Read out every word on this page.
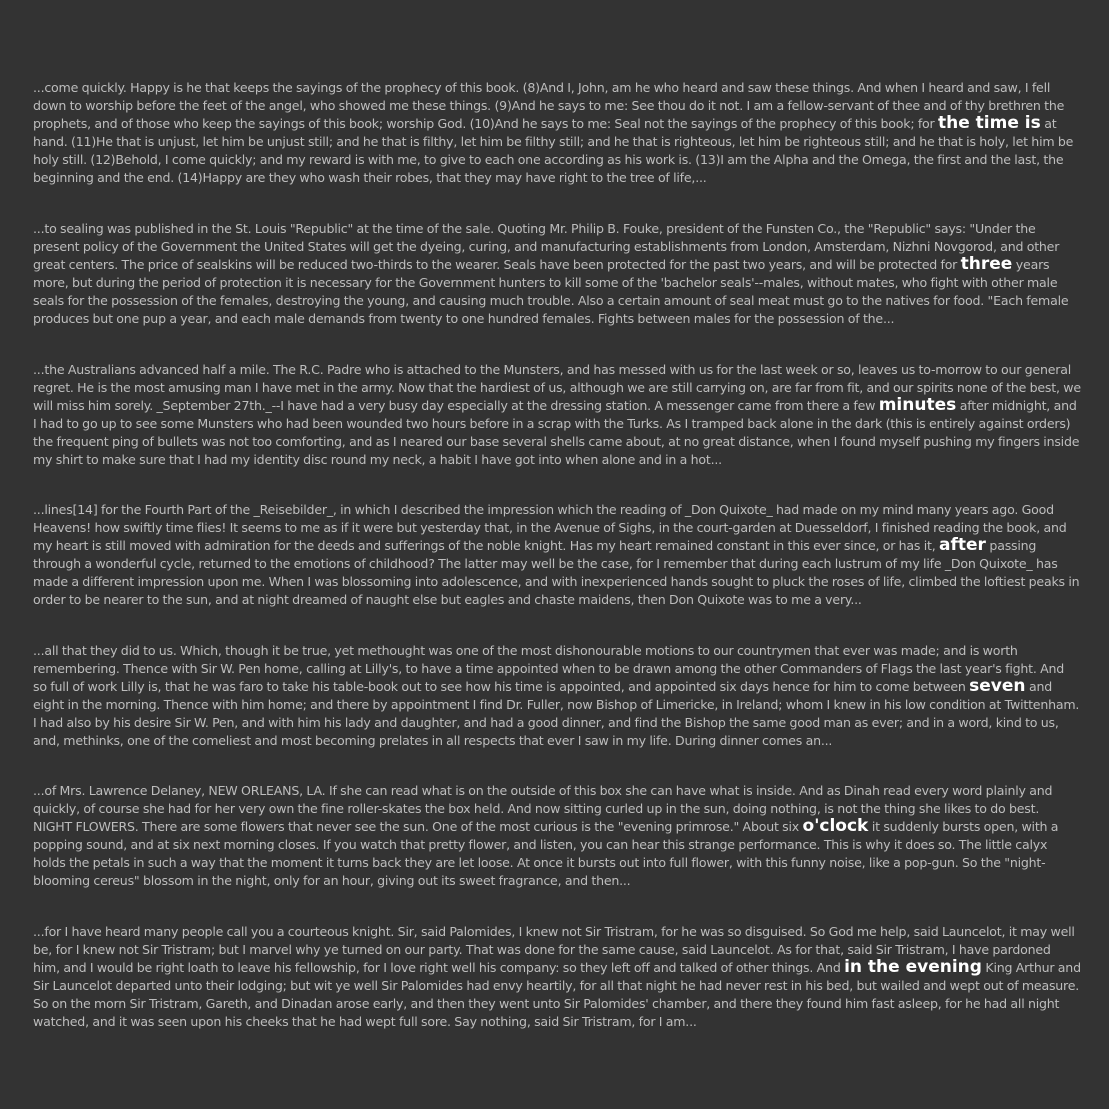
...come quickly. Happy is he that keeps the sayings of the prophecy of this book. (8)And I, John, am he who heard and saw these things. And when I heard and saw, I fell down to worship before the feet of the angel, who showed me these things. (9)And he says to me: See thou do it not. I am a fellow-servant of thee and of thy brethren the prophets, and of those who keep the sayings of this book; worship God. (10)And he says to me: Seal not the sayings of the prophecy of this book; for the time is at hand. (11)He that is unjust, let him be unjust still; and he that is filthy, let him be filthy still; and he that is righteous, let him be righteous still; and he that is holy, let him be holy still. (12)Behold, I come quickly; and my reward is with me, to give to each one according as his work is. (13)I am the Alpha and the Omega, the first and the last, the beginning and the end. (14)Happy are they who wash their robes, that they may have right to the tree of life,...

...to sealing was published in the St. Louis "Republic" at the time of the sale. Quoting Mr. Philip B. Fouke, president of the Funsten Co., the "Republic" says: "Under the present policy of the Government the United States will get the dyeing, curing, and manufacturing establishments from London, Amsterdam, Nizhni Novgorod, and other great centers. The price of sealskins will be reduced two-thirds to the wearer. Seals have been protected for the past two years, and will be protected for three years more, but during the period of protection it is necessary for the Government hunters to kill some of the 'bachelor seals'--males, without mates, who fight with other male seals for the possession of the females, destroying the young, and causing much trouble. Also a certain amount of seal meat must go to the natives for food. "Each female produces but one pup a year, and each male demands from twenty to one hundred females. Fights between males for the possession of the...

...the Australians advanced half a mile. The R.C. Padre who is attached to the Munsters, and has messed with us for the last week or so, leaves us to-morrow to our general regret. He is the most amusing man I have met in the army. Now that the hardiest of us, although we are still carrying on, are far from fit, and our spirits none of the best, we will miss him sorely. _September 27th._--I have had a very busy day especially at the dressing station. A messenger came from there a few minutes after midnight, and I had to go up to see some Munsters who had been wounded two hours before in a scrap with the Turks. As I tramped back alone in the dark (this is entirely against orders) the frequent ping of bullets was not too comforting, and as I neared our base several shells came about, at no great distance, when I found myself pushing my fingers inside my shirt to make sure that I had my identity disc round my neck, a habit I have got into when alone and in a hot...

...lines[14] for the Fourth Part of the _Reisebilder_, in which I described the impression which the reading of _Don Quixote_ had made on my mind many years ago. Good Heavens! how swiftly time flies! It seems to me as if it were but yesterday that, in the Avenue of Sighs, in the court-garden at Duesseldorf, I finished reading the book, and my heart is still moved with admiration for the deeds and sufferings of the noble knight. Has my heart remained constant in this ever since, or has it, after passing through a wonderful cycle, returned to the emotions of childhood? The latter may well be the case, for I remember that during each lustrum of my life _Don Quixote_ has made a different impression upon me. When I was blossoming into adolescence, and with inexperienced hands sought to pluck the roses of life, climbed the loftiest peaks in order to be nearer to the sun, and at night dreamed of naught else but eagles and chaste maidens, then Don Quixote was to me a very...

...all that they did to us. Which, though it be true, yet methought was one of the most dishonourable motions to our countrymen that ever was made; and is worth remembering. Thence with Sir W. Pen home, calling at Lilly's, to have a time appointed when to be drawn among the other Commanders of Flags the last year's fight. And so full of work Lilly is, that he was faro to take his table-book out to see how his time is appointed, and appointed six days hence for him to come between seven and eight in the morning. Thence with him home; and there by appointment I find Dr. Fuller, now Bishop of Limericke, in Ireland; whom I knew in his low condition at Twittenham. I had also by his desire Sir W. Pen, and with him his lady and daughter, and had a good dinner, and find the Bishop the same good man as ever; and in a word, kind to us, and, methinks, one of the comeliest and most becoming prelates in all respects that ever I saw in my life. During dinner comes an...

...of Mrs. Lawrence Delaney, NEW ORLEANS, LA. If she can read what is on the outside of this box she can have what is inside. And as Dinah read every word plainly and quickly, of course she had for her very own the fine roller-skates the box held. And now sitting curled up in the sun, doing nothing, is not the thing she likes to do best. NIGHT FLOWERS. There are some flowers that never see the sun. One of the most curious is the "evening primrose." About six o'clock it suddenly bursts open, with a popping sound, and at six next morning closes. If you watch that pretty flower, and listen, you can hear this strange performance. This is why it does so. The little calyx holds the petals in such a way that the moment it turns back they are let loose. At once it bursts out into full flower, with this funny noise, like a pop-gun. So the "night-blooming cereus" blossom in the night, only for an hour, giving out its sweet fragrance, and then...

...for I have heard many people call you a courteous knight. Sir, said Palomides, I knew not Sir Tristram, for he was so disguised. So God me help, said Launcelot, it may well be, for I knew not Sir Tristram; but I marvel why ye turned on our party. That was done for the same cause, said Launcelot. As for that, said Sir Tristram, I have pardoned him, and I would be right loath to leave his fellowship, for I love right well his company: so they left off and talked of other things. And in the evening King Arthur and Sir Launcelot departed unto their lodging; but wit ye well Sir Palomides had envy heartily, for all that night he had never rest in his bed, but wailed and wept out of measure. So on the morn Sir Tristram, Gareth, and Dinadan arose early, and then they went unto Sir Palomides' chamber, and there they found him fast asleep, for he had all night watched, and it was seen upon his cheeks that he had wept full sore. Say nothing, said Sir Tristram, for I am...
